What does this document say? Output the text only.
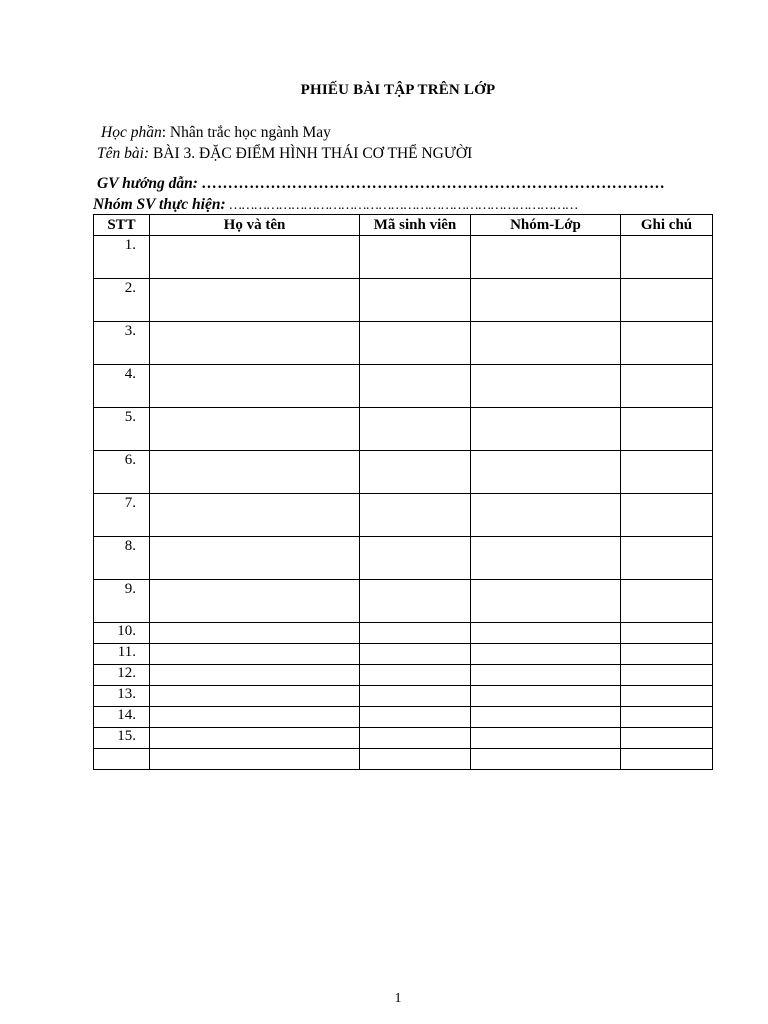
PHIẾU BÀI TẬP TRÊN LỚP
Học phần: Nhân trắc học ngành May
Tên bài: BÀI 3. ĐẶC ĐIỂM HÌNH THÁI CƠ THỂ NGƯỜI
GV hướng dẫn: ……………………………………………………………………………
Nhóm SV thực hiện: …………………………………………………………………………
STT	Họ và tên	Mã sinh viên	Nhóm-Lớp	Ghi chú
1.				
2.				
3.				
4.				
5.				
6.				
7.				
8.				
9.				
10.				
11.				
12.				
13.				
14.				
15.				

1
